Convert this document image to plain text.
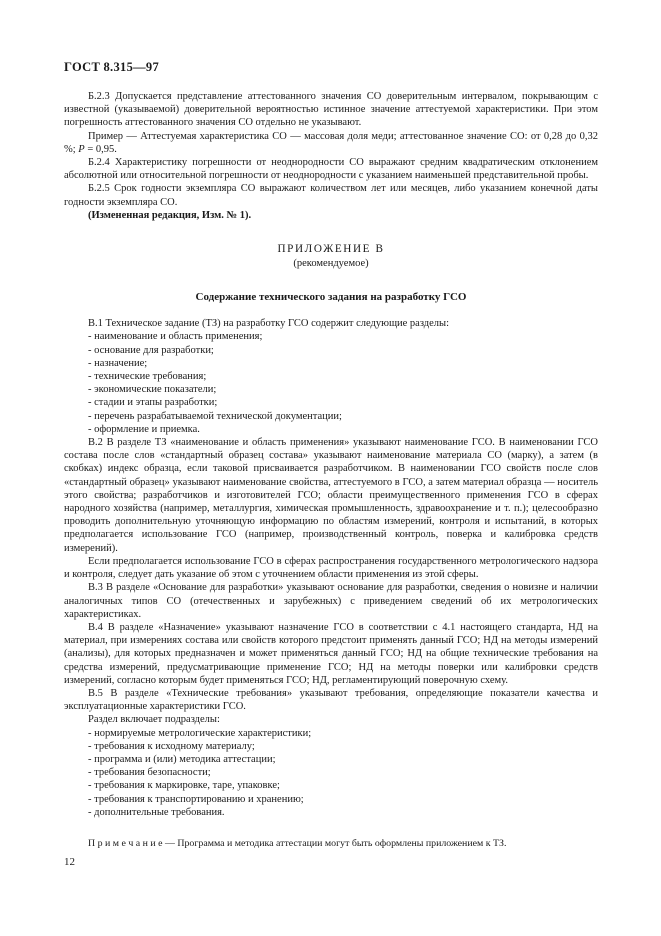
ГОСТ 8.315—97

Б.2.3 Допускается представление аттестованного значения СО доверительным интервалом, покрывающим с известной (указываемой) доверительной вероятностью истинное значение аттестуемой характеристики. При этом погрешность аттестованного значения СО отдельно не указывают.

Пример — Аттестуемая характеристика СО — массовая доля меди; аттестованное значение СО: от 0,28 до 0,32 %; P = 0,95.

Б.2.4 Характеристику погрешности от неоднородности СО выражают средним квадратическим отклонением абсолютной или относительной погрешности от неоднородности с указанием наименьшей представительной пробы.

Б.2.5 Срок годности экземпляра СО выражают количеством лет или месяцев, либо указанием конечной даты годности экземпляра СО.

(Измененная редакция, Изм. № 1).

ПРИЛОЖЕНИЕ В

(рекомендуемое)

Содержание технического задания на разработку ГСО

В.1 Техническое задание (ТЗ) на разработку ГСО содержит следующие разделы:

- наименование и область применения;

- основание для разработки;

- назначение;

- технические требования;

- экономические показатели;

- стадии и этапы разработки;

- перечень разрабатываемой технической документации;

- оформление и приемка.

В.2 В разделе ТЗ «наименование и область применения» указывают наименование ГСО. В наименовании ГСО состава после слов «стандартный образец состава» указывают наименование материала СО (марку), а затем (в скобках) индекс образца, если таковой присваивается разработчиком. В наименовании ГСО свойств после слов «стандартный образец» указывают наименование свойства, аттестуемого в ГСО, а затем материал образца — носитель этого свойства; разработчиков и изготовителей ГСО; области преимущественного применения ГСО в сферах народного хозяйства (например, металлургия, химическая промышленность, здравоохранение и т. п.); целесообразно проводить дополнительную уточняющую информацию по областям измерений, контроля и испытаний, в которых предполагается использование ГСО (например, производственный контроль, поверка и калибровка средств измерений).

Если предполагается использование ГСО в сферах распространения государственного метрологического надзора и контроля, следует дать указание об этом с уточнением области применения из этой сферы.

В.3 В разделе «Основание для разработки» указывают основание для разработки, сведения о новизне и наличии аналогичных типов СО (отечественных и зарубежных) с приведением сведений об их метрологических характеристиках.

В.4 В разделе «Назначение» указывают назначение ГСО в соответствии с 4.1 настоящего стандарта, НД на материал, при измерениях состава или свойств которого предстоит применять данный ГСО; НД на методы измерений (анализы), для которых предназначен и может применяться данный ГСО; НД на общие технические требования на средства измерений, предусматривающие применение ГСО; НД на методы поверки или калибровки средств измерений, согласно которым будет применяться ГСО; НД, регламентирующий поверочную схему.

В.5 В разделе «Технические требования» указывают требования, определяющие показатели качества и эксплуатационные характеристики ГСО.

Раздел включает подразделы:

- нормируемые метрологические характеристики;

- требования к исходному материалу;

- программа и (или) методика аттестации;

- требования безопасности;

- требования к маркировке, таре, упаковке;

- требования к транспортированию и хранению;

- дополнительные требования.

П р и м е ч а н и е — Программа и методика аттестации могут быть оформлены приложением к ТЗ.

12
